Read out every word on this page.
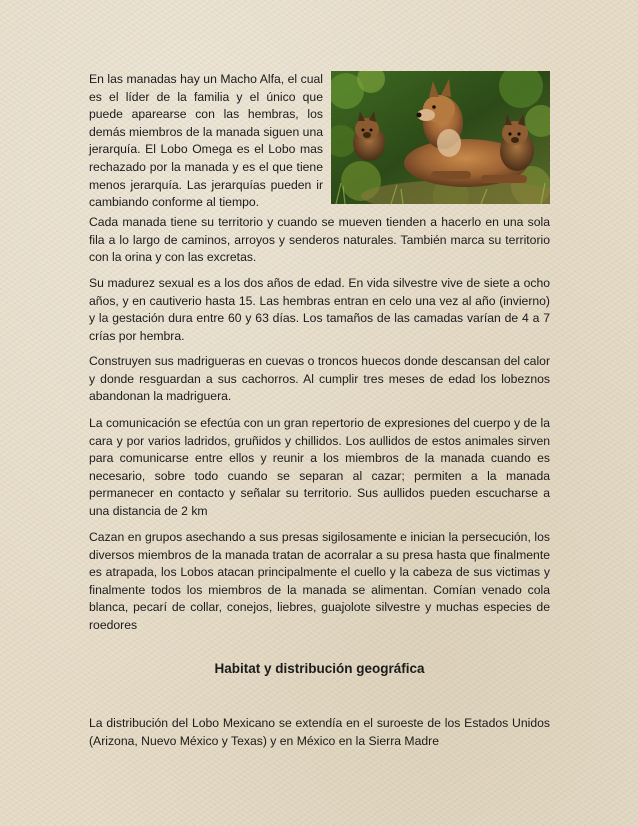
En las manadas hay un Macho Alfa, el cual es el líder de la familia y el único que puede aparearse con las hembras, los demás miembros de la manada siguen una jerarquía. El Lobo Omega es el Lobo mas rechazado por la manada y es el que tiene menos jerarquía. Las jerarquías pueden ir cambiando conforme al tiempo.

Cada manada tiene su territorio y cuando se mueven tienden a hacerlo en una sola fila a lo largo de caminos, arroyos y senderos naturales. También marca su territorio con la orina y con las excretas.

Su madurez sexual es a los dos años de edad. En vida silvestre vive de siete a ocho años, y en cautiverio hasta 15. Las hembras entran en celo una vez al año (invierno) y la gestación dura entre 60 y 63 días. Los tamaños de las camadas varían de 4 a 7 crías por hembra.

Construyen sus madrigueras en cuevas o troncos huecos donde descansan del calor y donde resguardan a sus cachorros. Al cumplir tres meses de edad los lobeznos abandonan la madriguera.

La comunicación se efectúa con un gran repertorio de expresiones del cuerpo y de la cara y por varios ladridos, gruñidos y chillidos. Los aullidos de estos animales sirven para comunicarse entre ellos y reunir a los miembros de la manada cuando es necesario, sobre todo cuando se separan al cazar; permiten a la manada permanecer en contacto y señalar su territorio. Sus aullidos pueden escucharse a una distancia de 2 km

Cazan en grupos asechando a sus presas sigilosamente e inician la persecución, los diversos miembros de la manada tratan de acorralar a su presa hasta que finalmente es atrapada, los Lobos atacan principalmente el cuello y la cabeza de sus victimas y finalmente todos los miembros de la manada se alimentan. Comían venado cola blanca, pecarí de collar, conejos, liebres, guajolote silvestre y muchas especies de roedores

Habitat y distribución geográfica

La distribución del Lobo Mexicano se extendía en el suroeste de los Estados Unidos (Arizona, Nuevo México y Texas) y en México en la Sierra Madre
